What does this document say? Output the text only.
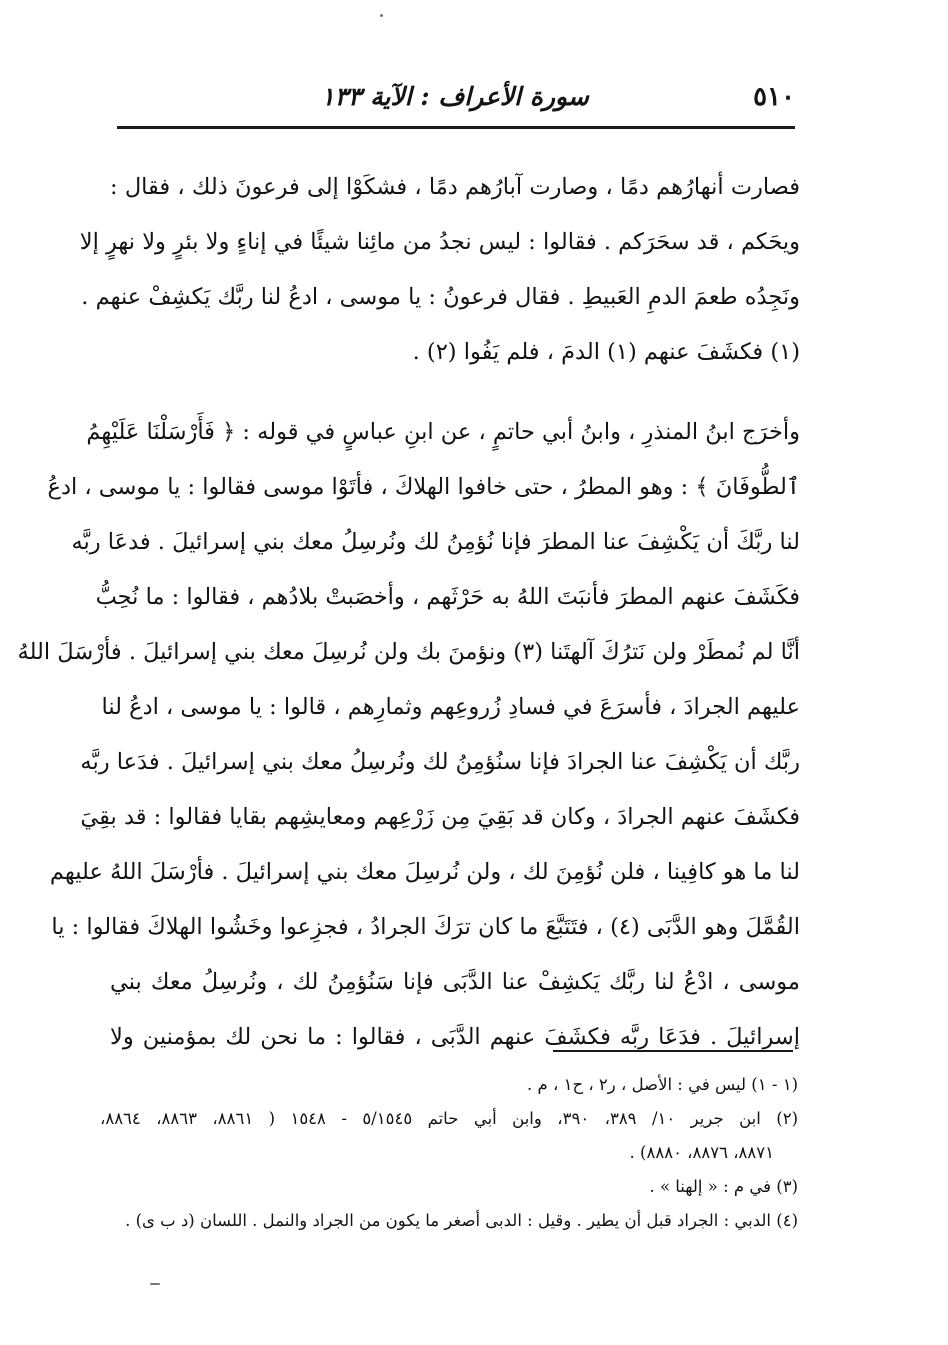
٥١٠
سورة الأعراف : الآية ١٣٣
فصارت أنهارُهم دمًا ، وصارت آبارُهم دمًا ، فشكَوْا إلى فرعونَ ذلك ، فقال :
ويحَكم ، قد سحَرَكم . فقالوا : ليس نجدُ من مائِنا شيئًا في إناءٍ ولا بئرٍ ولا نهرٍ إلا
ونَجِدُه طعمَ الدمِ العَبيطِ . فقال فرعونُ : يا موسى ، ادعُ لنا ربَّك يَكشِفْ عنهم .
(١) فكشَفَ عنهم (١) الدمَ ، فلم يَفُوا (٢) .
وأخرَج ابنُ المنذرِ ، وابنُ أبي حاتمٍ ، عن ابنِ عباسٍ في قوله : ﴿ فَأَرْسَلْنَا عَلَيْهِمُ
ٱلطُّوفَانَ ﴾ : وهو المطرُ ، حتى خافوا الهلاكَ ، فأتَوْا موسى فقالوا : يا موسى ، ادعُ
لنا ربَّكَ أن يَكْشِفَ عنا المطرَ فإنا نُؤمِنُ لك ونُرسِلُ معك بني إسرائيلَ . فدعَا ربَّه
فكَشَفَ عنهم المطرَ فأنبَتَ اللهُ به حَرْثَهم ، وأخصَبتْ بلادُهم ، فقالوا : ما نُحِبُّ
أنَّا لم نُمطَرْ ولن نَترُكَ آلهتَنا (٣) ونؤمنَ بك ولن نُرسِلَ معك بني إسرائيلَ . فأرْسَلَ اللهُ
عليهم الجرادَ ، فأسرَعَ في فسادِ زُروعِهم وثمارِهم ، قالوا : يا موسى ، ادعُ لنا
ربَّك أن يَكْشِفَ عنا الجرادَ فإنا سنُؤمِنُ لك ونُرسِلُ معك بني إسرائيلَ . فدَعا ربَّه
فكشَفَ عنهم الجرادَ ، وكان قد بَقِيَ مِن زَرْعِهم ومعايشِهم بقايا فقالوا : قد بقِيَ
لنا ما هو كافِينا ، فلن نُؤمِنَ لك ، ولن نُرسِلَ معك بني إسرائيلَ . فأرْسَلَ اللهُ عليهم
القُمَّلَ وهو الدَّبَى (٤) ، فتَتَبَّعَ ما كان ترَكَ الجرادُ ، فجزِعوا وخَشُوا الهلاكَ فقالوا : يا
موسى ، ادْعُ لنا ربَّك يَكشِفْ عنا الدَّبَى فإنا سَنُؤمِنُ لك ، ونُرسِلُ معك بني
إسرائيلَ . فدَعَا ربَّه فكشَفَ عنهم الدَّبَى ، فقالوا : ما نحن لك بمؤمنين ولا
(١ - ١) ليس في : الأصل ، ر٢ ، ح١ ، م .
(٢) ابن جرير ١٠/ ٣٨٩، ٣٩٠، وابن أبي حاتم ٥/١٥٤٥ - ١٥٤٨ ( ٨٨٦١، ٨٨٦٣، ٨٨٦٤،
٨٨٧١، ٨٨٧٦، ٨٨٨٠) .
(٣) في م : « إلهنا » .
(٤) الدبي : الجراد قبل أن يطير . وقيل : الدبى أصغر ما يكون من الجراد والنمل . اللسان (د ب ى) .
